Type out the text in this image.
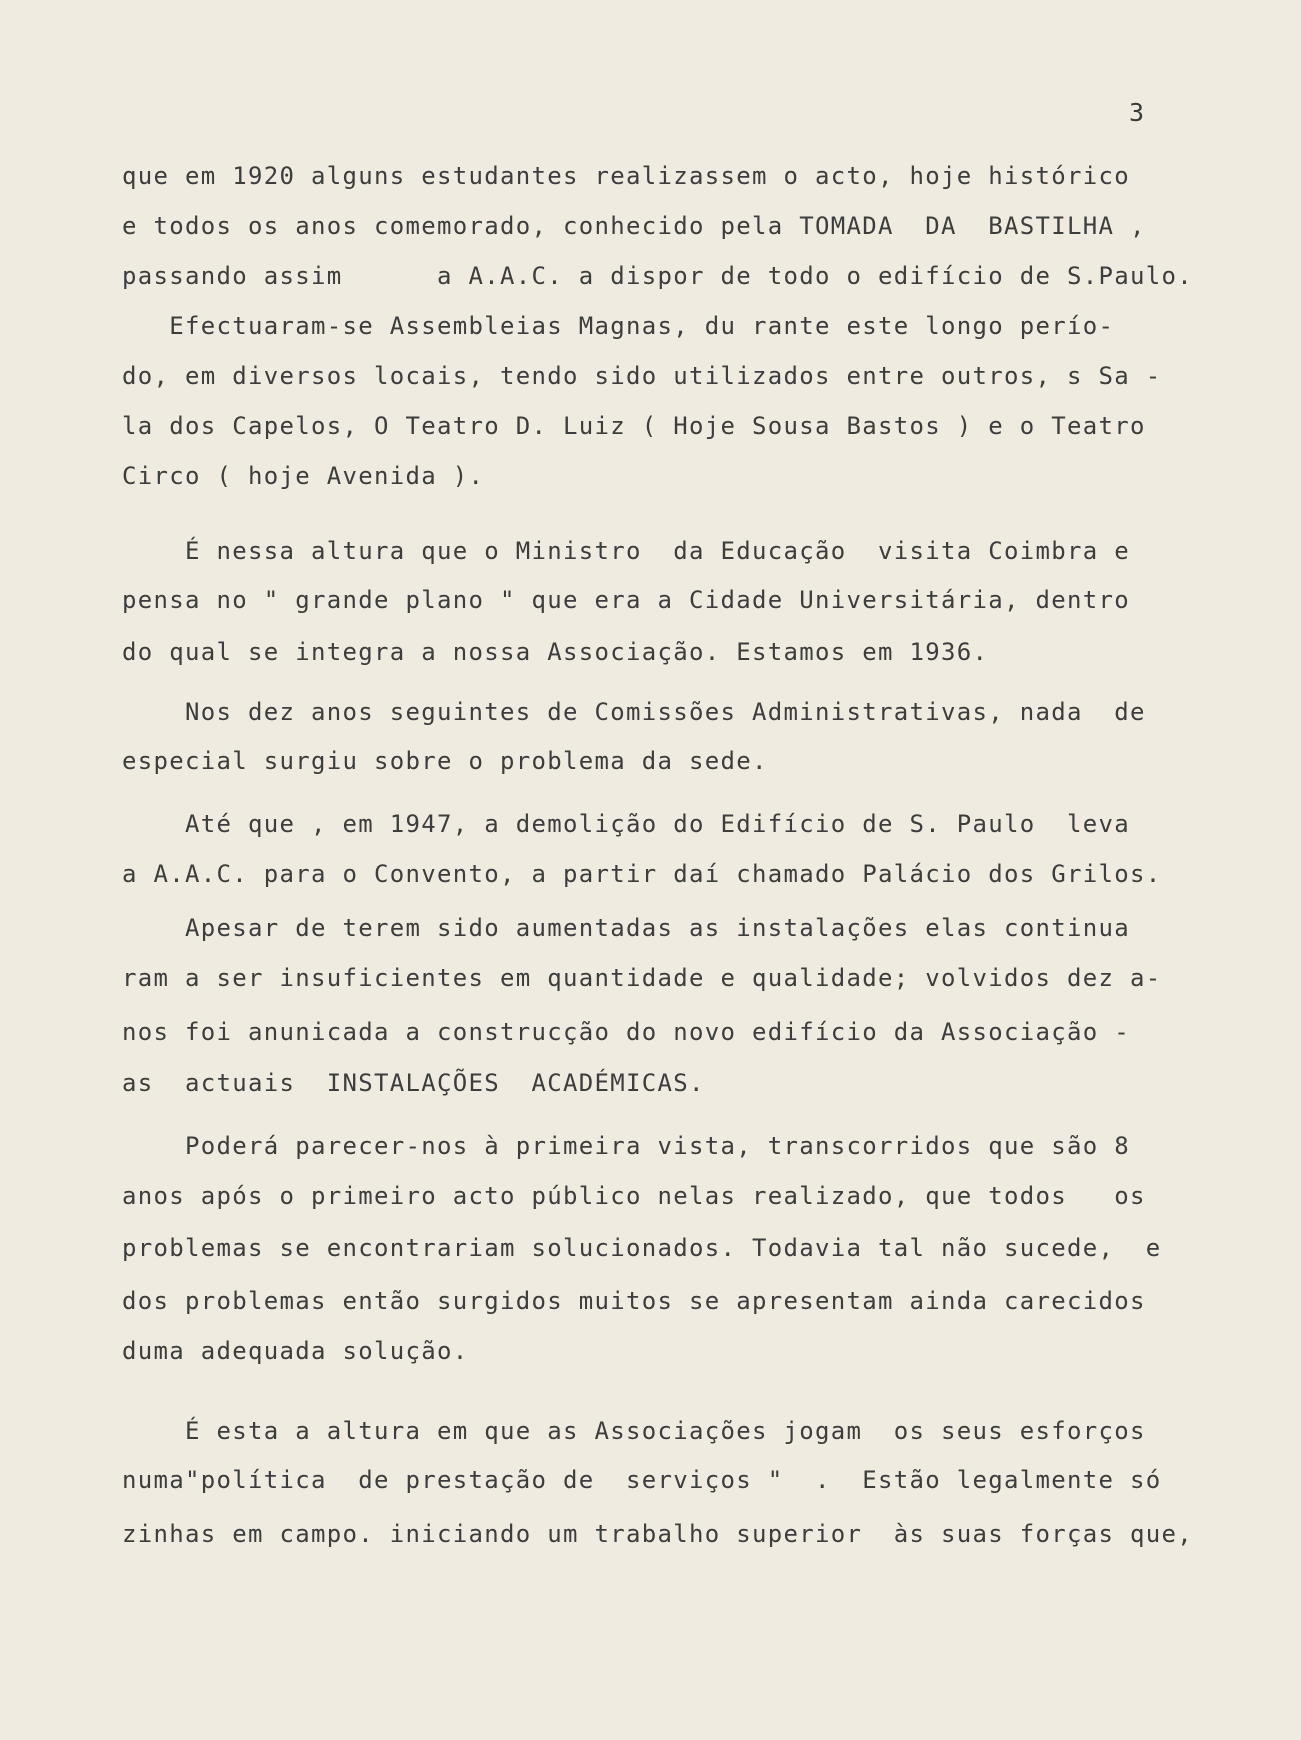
3
que em 1920 alguns estudantes realizassem o acto, hoje histórico
e todos os anos comemorado, conhecido pela TOMADA  DA  BASTILHA ,
passando assim      a A.A.C. a dispor de todo o edifício de S.Paulo.
Efectuaram-se Assembleias Magnas, du rante este longo perío-
do, em diversos locais, tendo sido utilizados entre outros, s Sa -
la dos Capelos, O Teatro D. Luiz ( Hoje Sousa Bastos ) e o Teatro
Circo ( hoje Avenida ).
É nessa altura que o Ministro  da Educação  visita Coimbra e
pensa no " grande plano " que era a Cidade Universitária, dentro
do qual se integra a nossa Associação. Estamos em 1936.
Nos dez anos seguintes de Comissões Administrativas, nada  de
especial surgiu sobre o problema da sede.
Até que , em 1947, a demolição do Edifício de S. Paulo  leva
a A.A.C. para o Convento, a partir daí chamado Palácio dos Grilos.
Apesar de terem sido aumentadas as instalações elas continua
ram a ser insuficientes em quantidade e qualidade; volvidos dez a-
nos foi anunicada a construcção do novo edifício da Associação -
as  actuais  INSTALAÇÕES  ACADÉMICAS.
Poderá parecer-nos à primeira vista, transcorridos que são 8
anos após o primeiro acto público nelas realizado, que todos   os
problemas se encontrariam solucionados. Todavia tal não sucede,  e
dos problemas então surgidos muitos se apresentam ainda carecidos
duma adequada solução.
É esta a altura em que as Associações jogam  os seus esforços
numa"política  de prestação de  serviços "  .  Estão legalmente só
zinhas em campo. iniciando um trabalho superior  às suas forças que,
